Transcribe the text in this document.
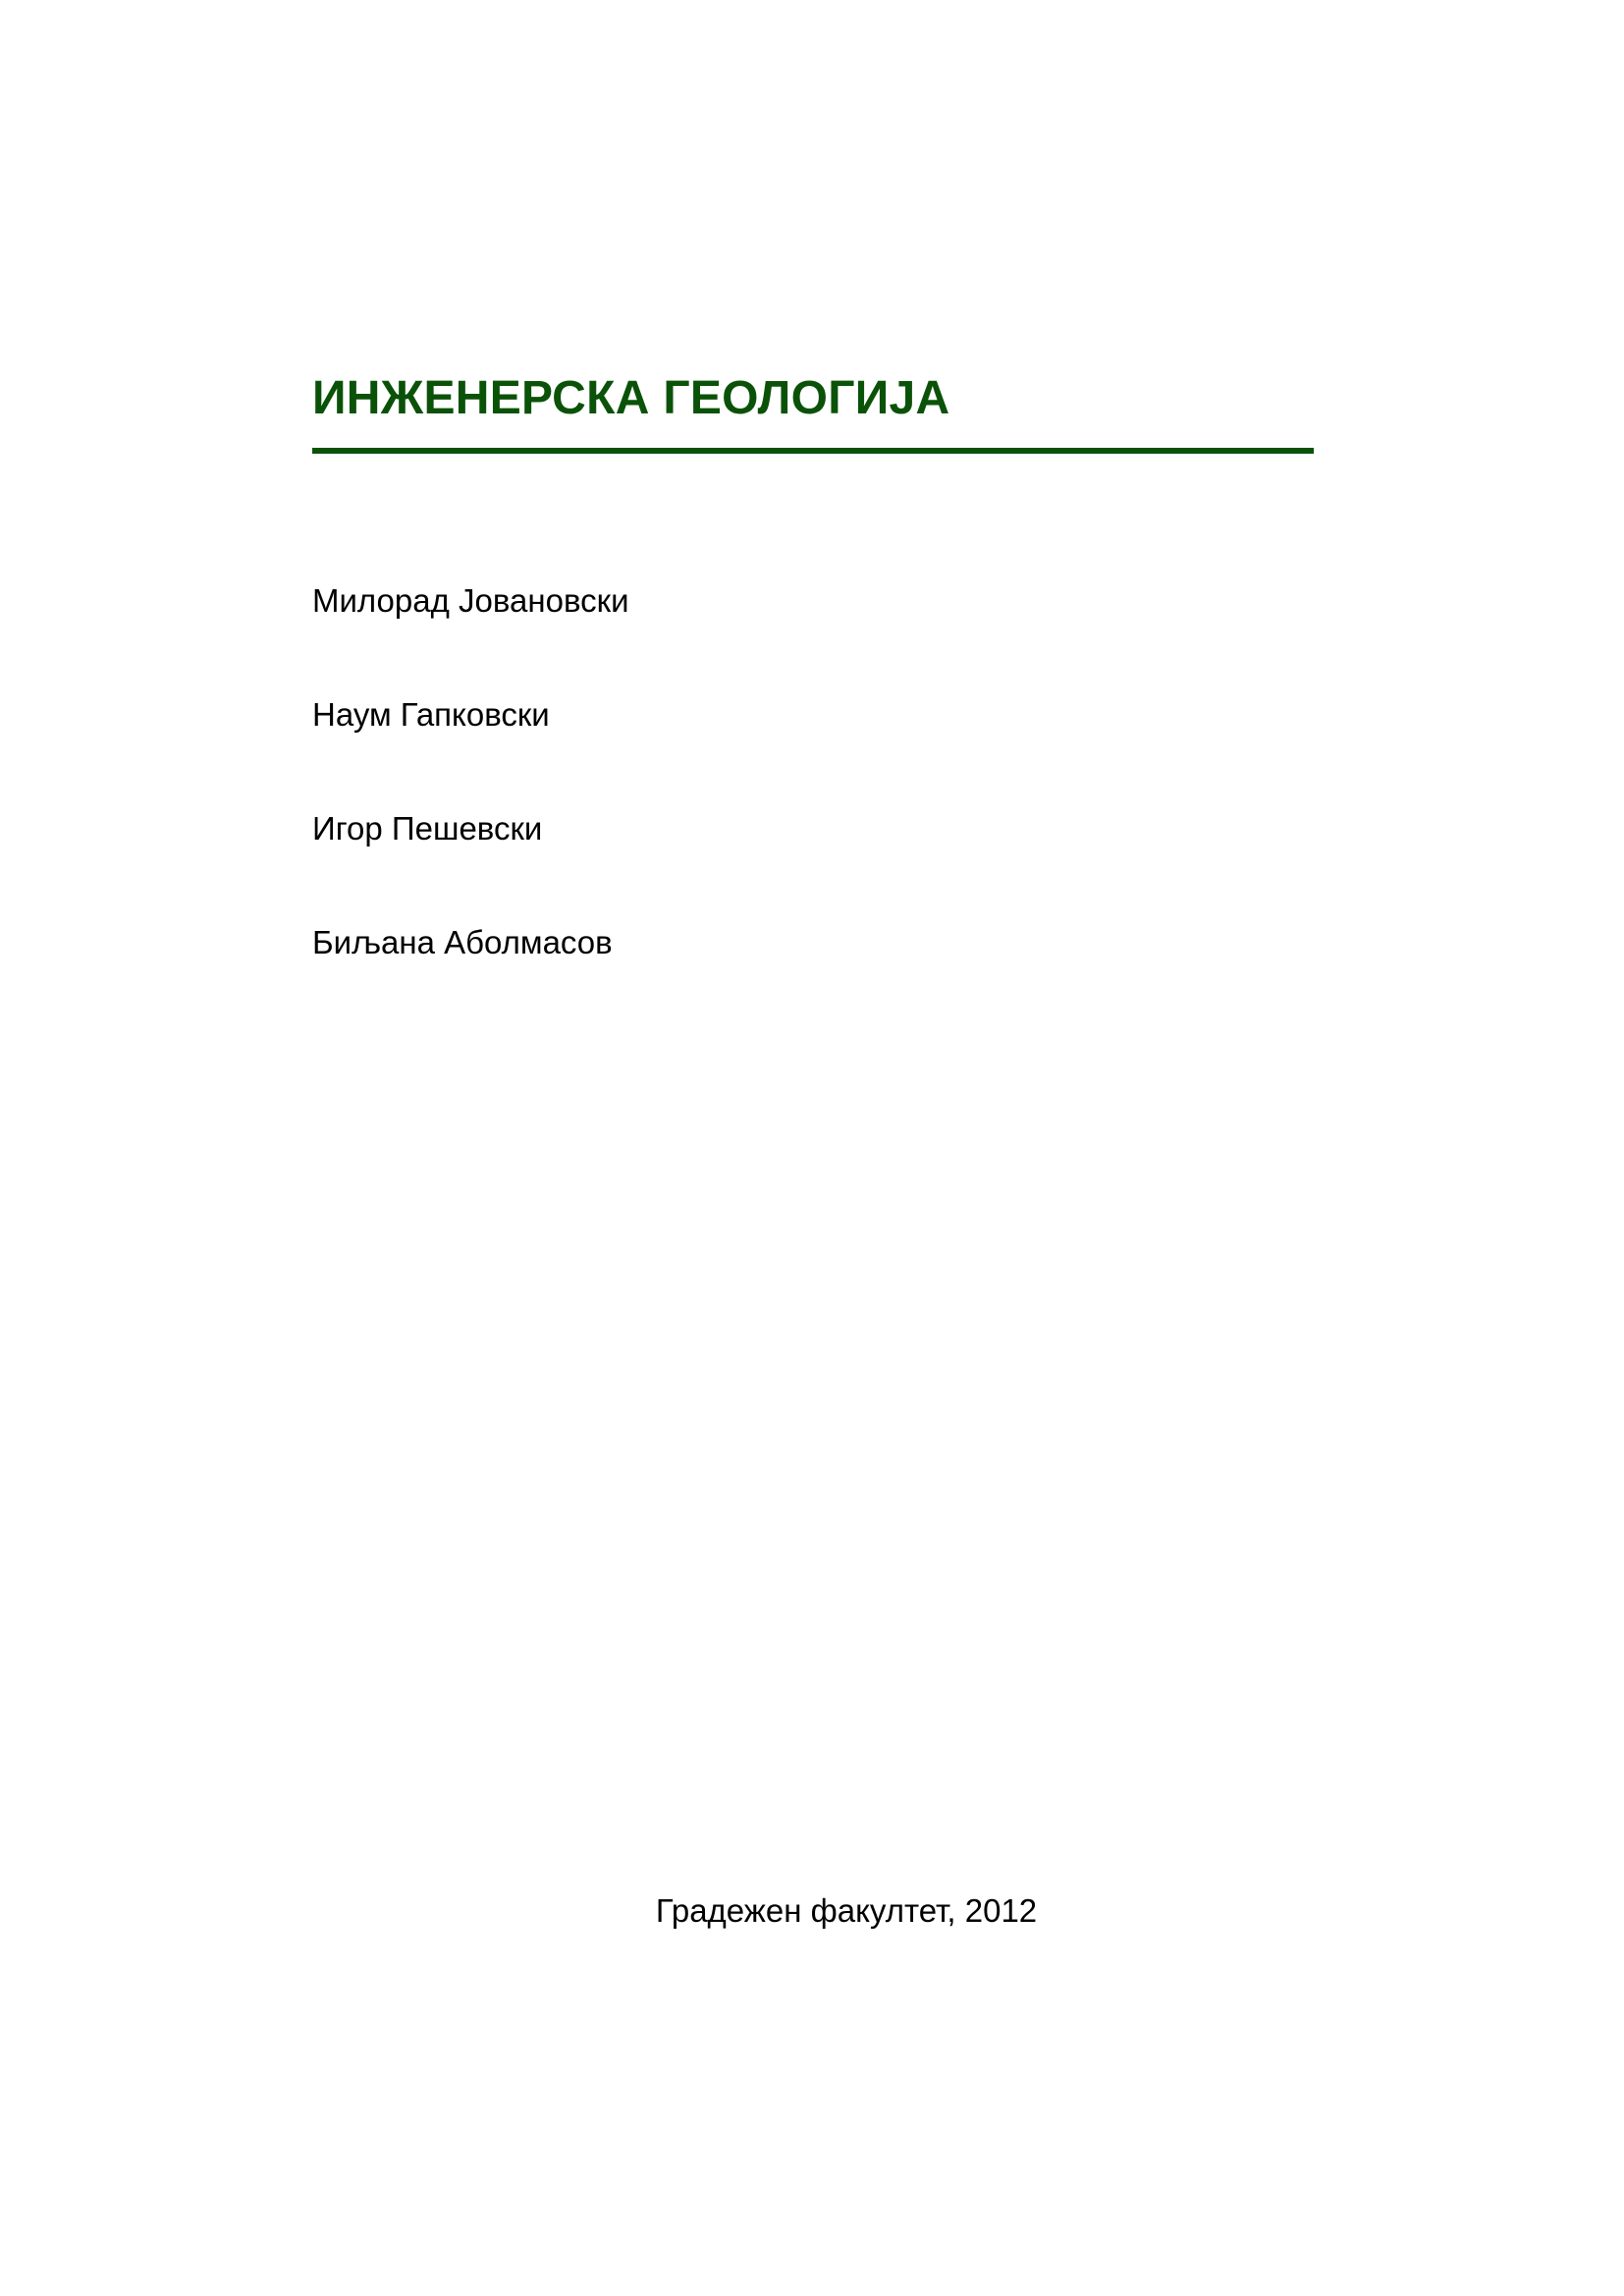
ИНЖЕНЕРСКА ГЕОЛОГИЈА
Милорад Јовановски
Наум Гапковски
Игор Пешевски
Биљана Аболмасов
Градежен факултет, 2012
